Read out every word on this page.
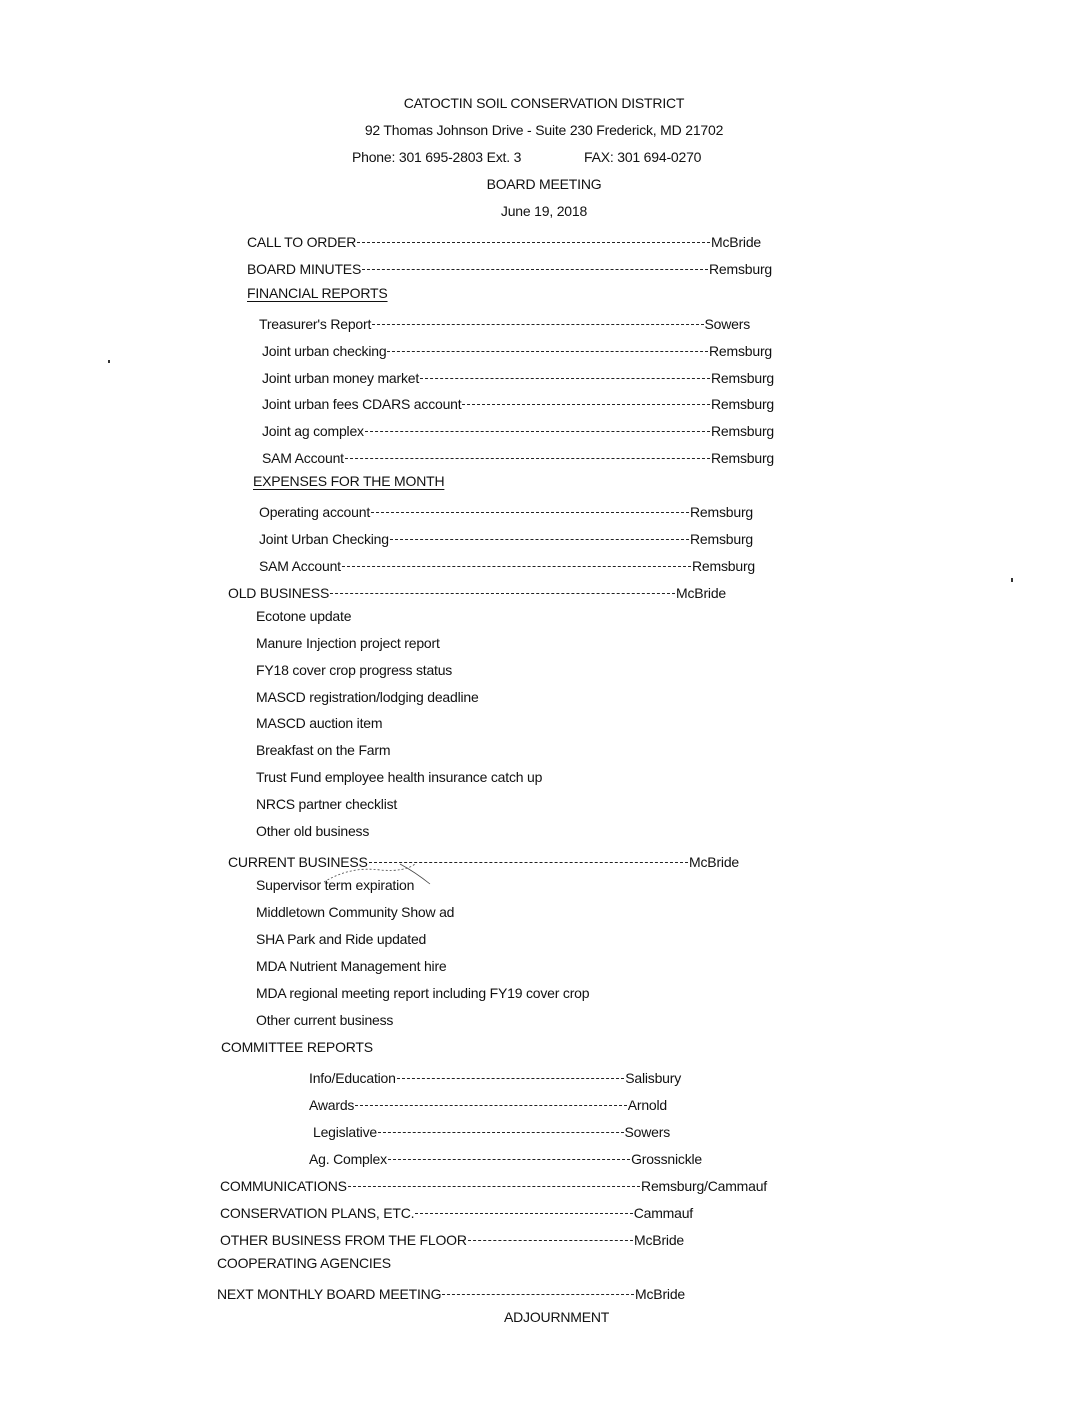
CATOCTIN SOIL CONSERVATION DISTRICT
92 Thomas Johnson Drive - Suite 230 Frederick, MD 21702
Phone: 301 695-2803 Ext. 3	FAX: 301 694-0270
BOARD MEETING
June 19, 2018
CALL TO ORDER	McBride
BOARD MINUTES	Remsburg
FINANCIAL REPORTS
Treasurer's Report	Sowers
Joint urban checking	Remsburg
Joint urban money market	Remsburg
Joint urban fees CDARS account	Remsburg
Joint ag complex	Remsburg
SAM Account	Remsburg
EXPENSES FOR THE MONTH
Operating account	Remsburg
Joint Urban Checking	Remsburg
SAM Account	Remsburg
OLD BUSINESS	McBride
Ecotone update
Manure Injection project report
FY18 cover crop progress status
MASCD registration/lodging deadline
MASCD auction item
Breakfast on the Farm
Trust Fund employee health insurance catch up
NRCS partner checklist
Other old business
CURRENT BUSINESS	McBride
Supervisor term expiration
Middletown Community Show ad
SHA Park and Ride updated
MDA Nutrient Management hire
MDA regional meeting report including FY19 cover crop
Other current business
COMMITTEE REPORTS
Info/Education	Salisbury
Awards	Arnold
Legislative	Sowers
Ag. Complex	Grossnickle
COMMUNICATIONS	Remsburg/Cammauf
CONSERVATION PLANS, ETC.	Cammauf
OTHER BUSINESS FROM THE FLOOR	McBride
COOPERATING AGENCIES
NEXT MONTHLY BOARD MEETING	McBride
ADJOURNMENT
